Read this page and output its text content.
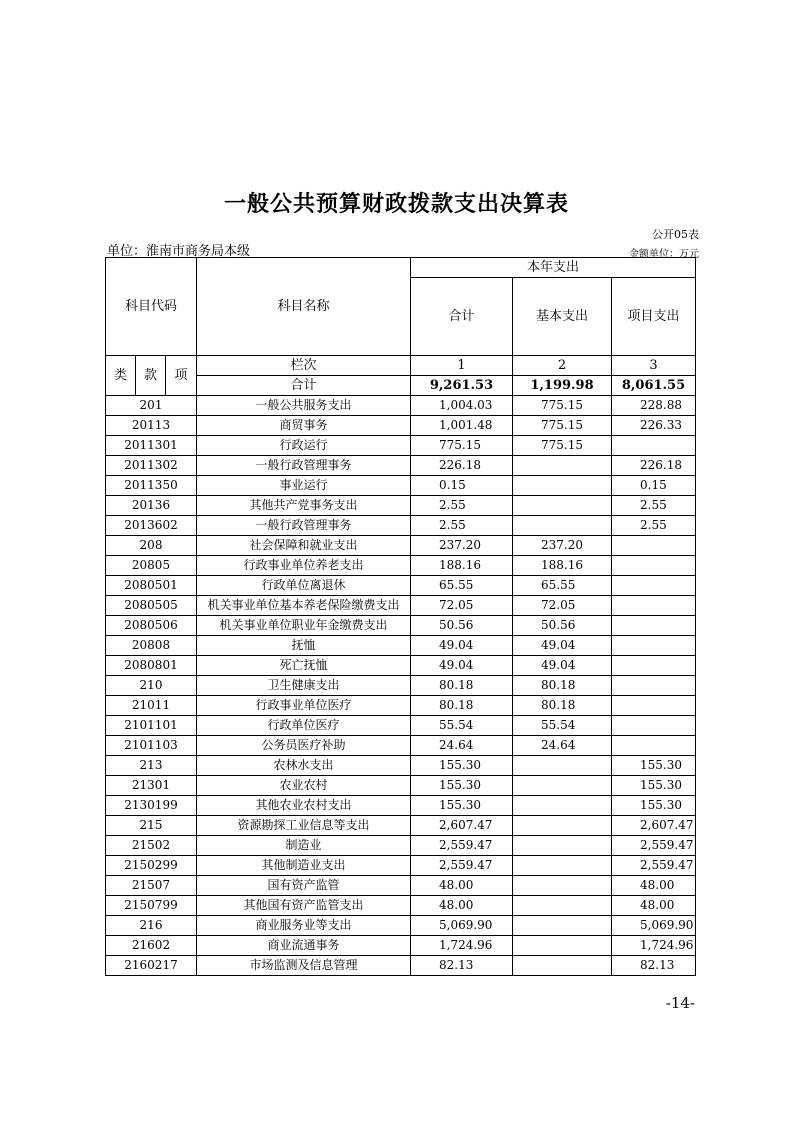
一般公共预算财政拨款支出决算表
公开05表
单位：淮南市商务局本级	金额单位：万元
科目代码			科目名称	本年支出		
				合计	基本支出	项目支出

类	款	项	栏次	1	2	3
			合计	9,261.53	1,199.98	8,061.55
201			一般公共服务支出	1,004.03	775.15	228.88
20113			商贸事务	1,001.48	775.15	226.33
2011301			行政运行	775.15	775.15	
2011302			一般行政管理事务	226.18		226.18
2011350			事业运行	0.15		0.15
20136			其他共产党事务支出	2.55		2.55
2013602			一般行政管理事务	2.55		2.55
208			社会保障和就业支出	237.20	237.20	
20805			行政事业单位养老支出	188.16	188.16	
2080501			行政单位离退休	65.55	65.55	
2080505			机关事业单位基本养老保险缴费支出	72.05	72.05	
2080506			机关事业单位职业年金缴费支出	50.56	50.56	
20808			抚恤	49.04	49.04	
2080801			死亡抚恤	49.04	49.04	
210			卫生健康支出	80.18	80.18	
21011			行政事业单位医疗	80.18	80.18	
2101101			行政单位医疗	55.54	55.54	
2101103			公务员医疗补助	24.64	24.64	
213			农林水支出	155.30		155.30
21301			农业农村	155.30		155.30
2130199			其他农业农村支出	155.30		155.30
215			资源勘探工业信息等支出	2,607.47		2,607.47
21502			制造业	2,559.47		2,559.47
2150299			其他制造业支出	2,559.47		2,559.47
21507			国有资产监管	48.00		48.00
2150799			其他国有资产监管支出	48.00		48.00
216			商业服务业等支出	5,069.90		5,069.90
21602			商业流通事务	1,724.96		1,724.96
2160217			市场监测及信息管理	82.13		82.13
-14-
